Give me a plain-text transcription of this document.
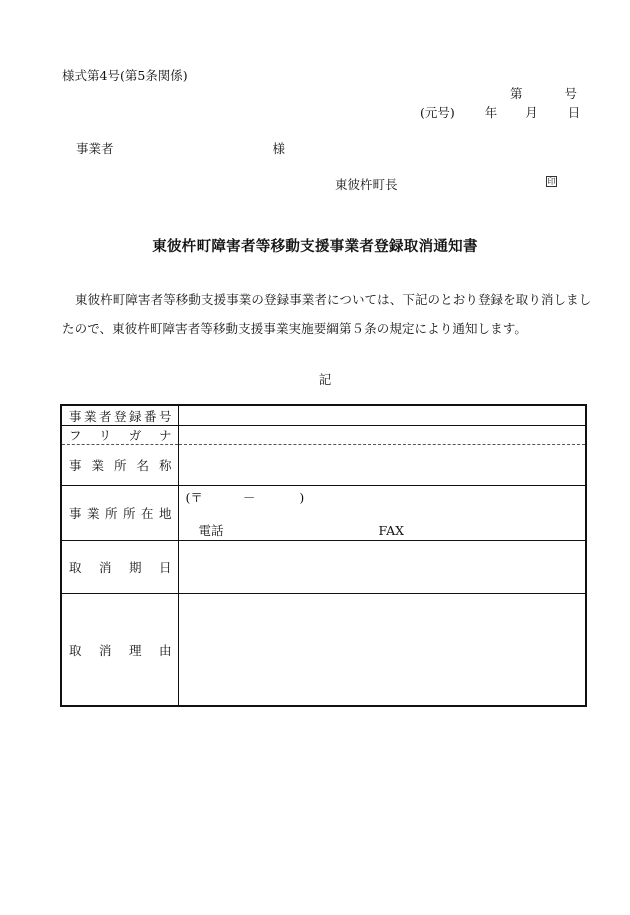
様式第4号(第5条関係)
第	号
(元号) 年 月 日
事業者	様
東彼杵町長	印
東彼杵町障害者等移動支援事業者登録取消通知書
東彼杵町障害者等移動支援事業の登録事業者については、下記のとおり登録を取り消しましたので、東彼杵町障害者等移動支援事業実施要綱第５条の規定により通知します。
記
事業者登録番号	
フリガナ	
事業所名称	
事業所所在地	(〒 － )
電話 FAX

取消期日	
取消理由	
